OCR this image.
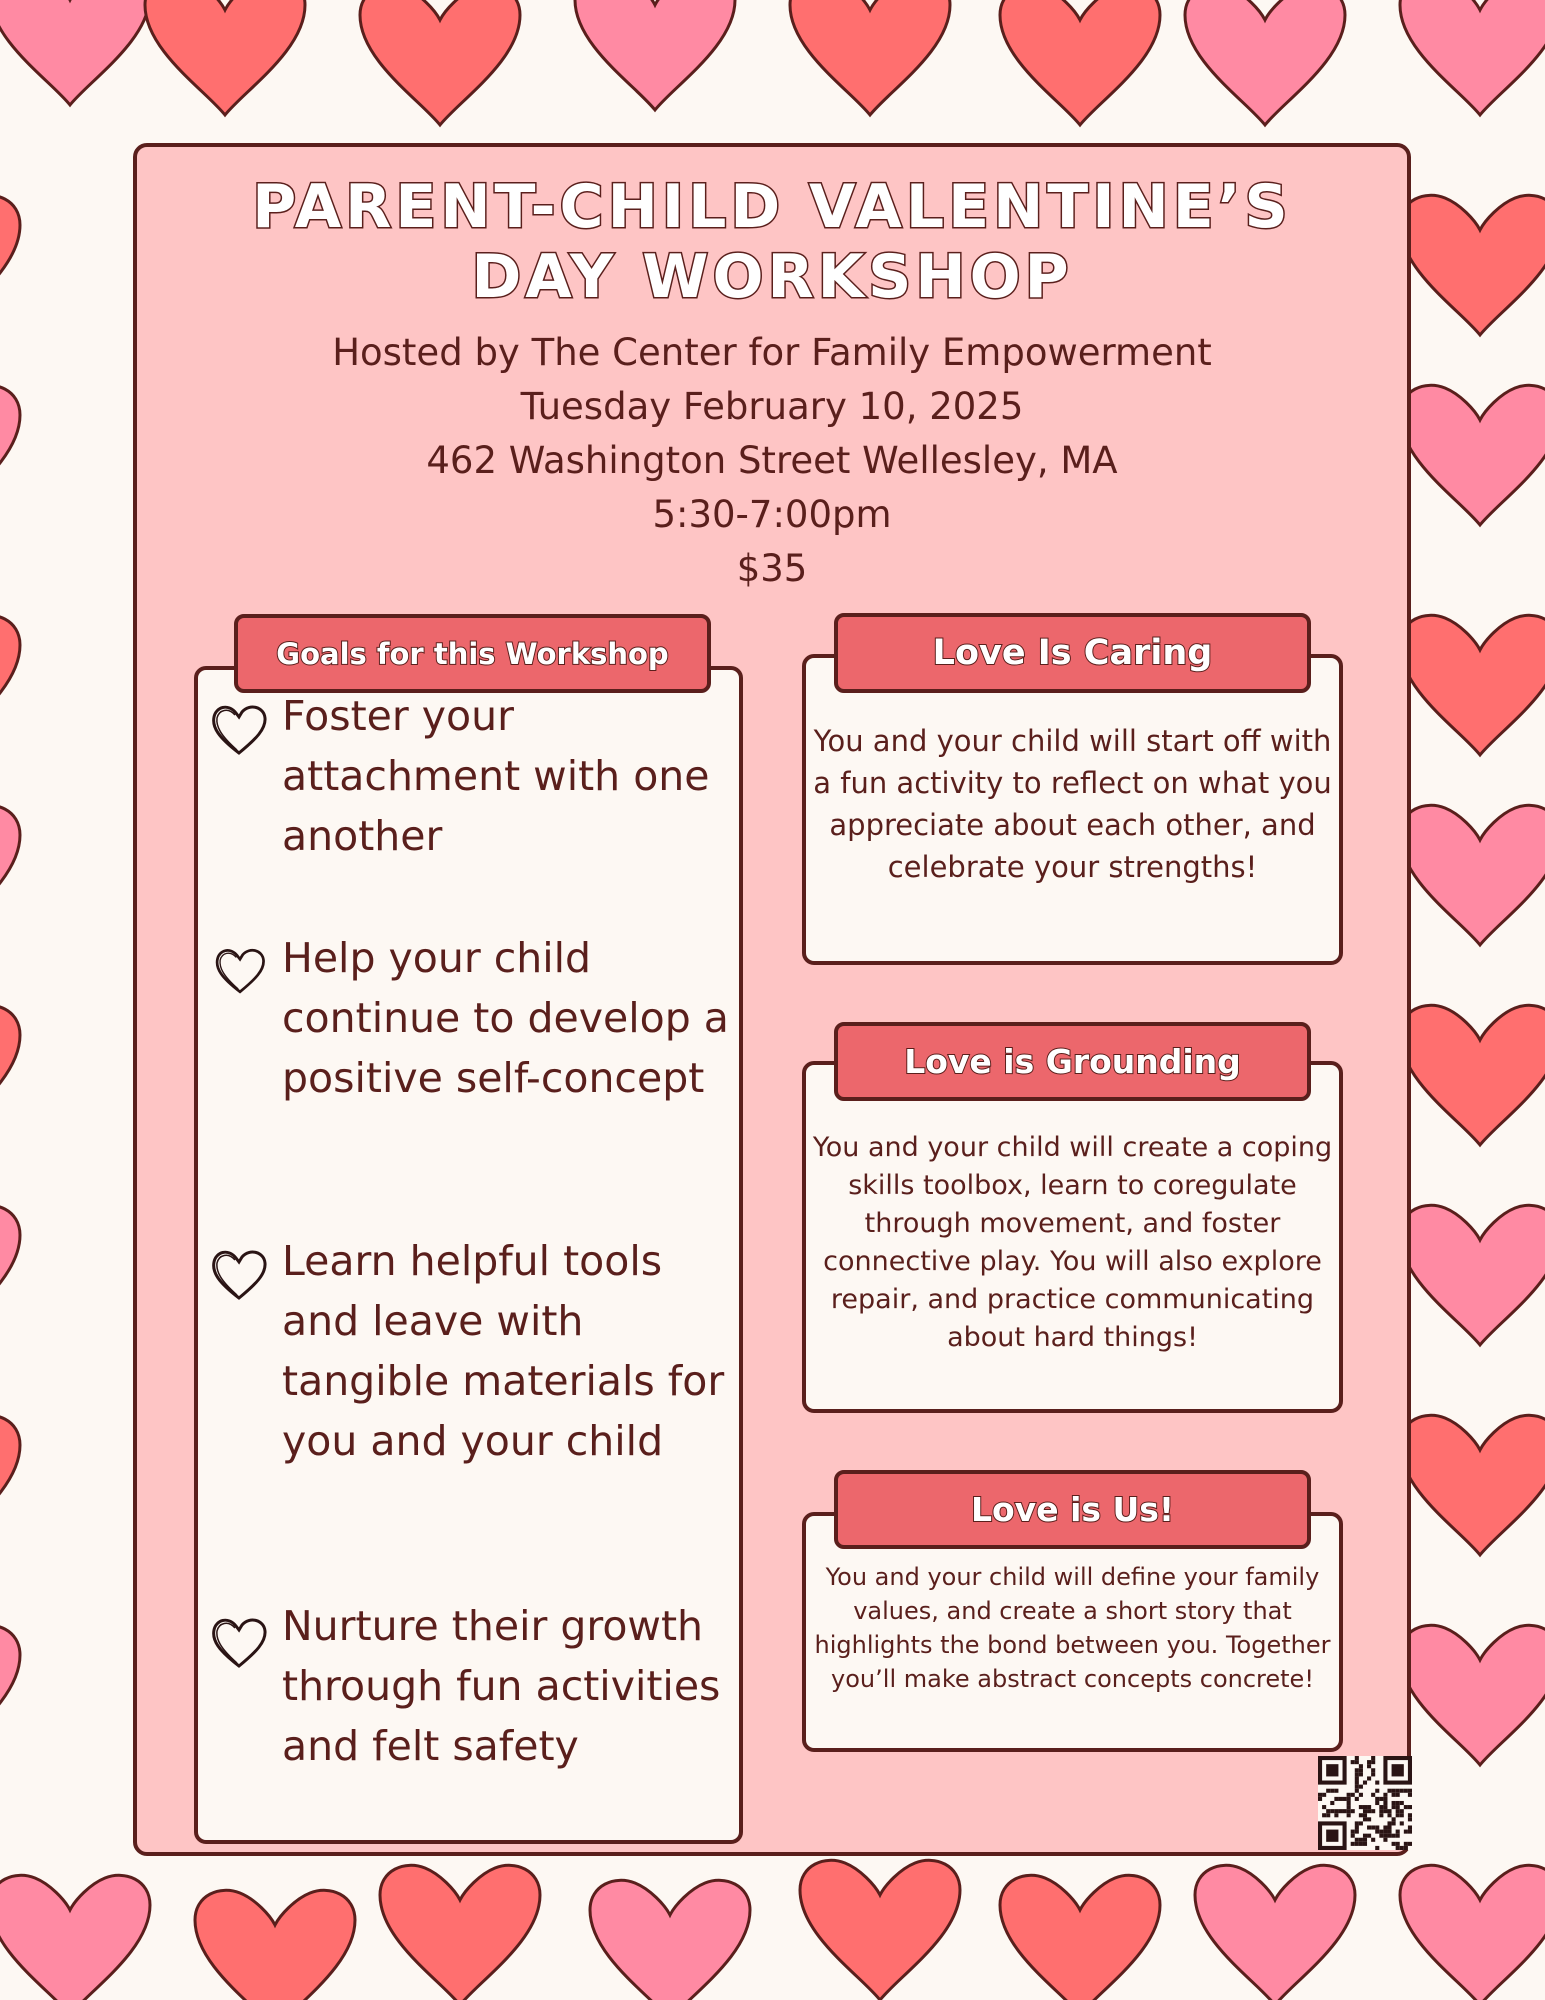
PARENT-CHILD VALENTINE’S
DAY WORKSHOP
Hosted by The Center for Family Empowerment
Tuesday February 10, 2025
462 Washington Street Wellesley, MA
5:30-7:00pm
$35
Goals for this Workshop
Foster your attachment with one another
Help your child continue to develop a positive self-concept
Learn helpful tools and leave with tangible materials for you and your child
Nurture their growth through fun activities and felt safety
Love Is Caring
You and your child will start off with a fun activity to reflect on what you appreciate about each other, and celebrate your strengths!
Love is Grounding
You and your child will create a coping skills toolbox, learn to coregulate through movement, and foster connective play. You will also explore repair, and practice communicating about hard things!
Love is Us!
You and your child will define your family values, and create a short story that highlights the bond between you. Together you’ll make abstract concepts concrete!
